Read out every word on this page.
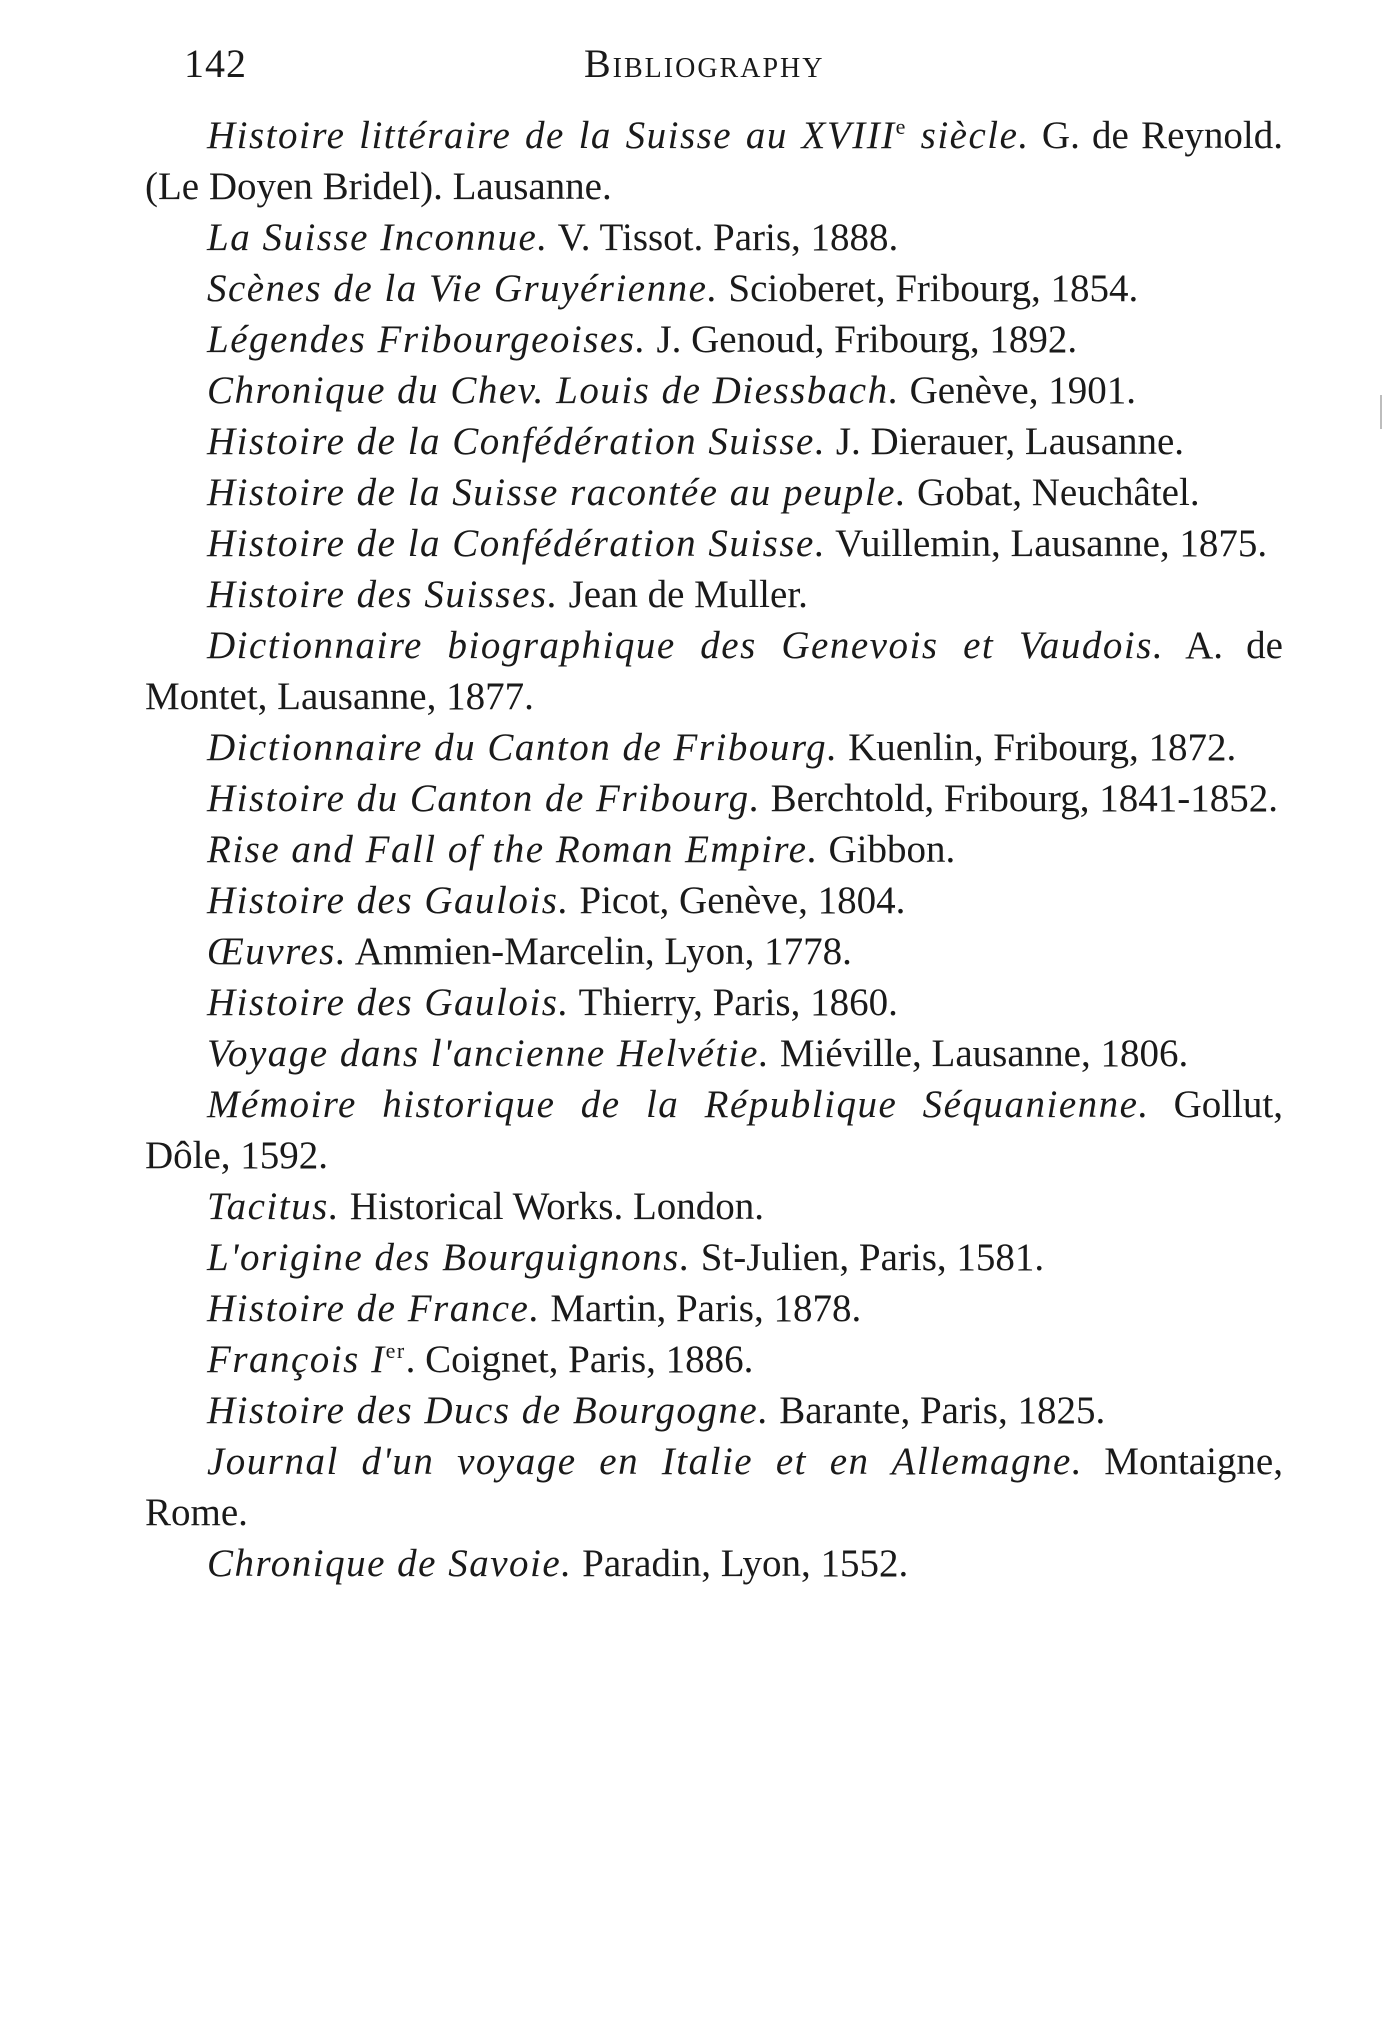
142	Bibliography

Histoire littéraire de la Suisse au XVIIIe siècle. G. de Reynold. (Le Doyen Bridel). Lausanne.

La Suisse Inconnue. V. Tissot. Paris, 1888.

Scènes de la Vie Gruyérienne. Scioberet, Fribourg, 1854.

Légendes Fribourgeoises. J. Genoud, Fribourg, 1892.

Chronique du Chev. Louis de Diessbach. Genève, 1901.

Histoire de la Confédération Suisse. J. Dierauer, Lausanne.

Histoire de la Suisse racontée au peuple. Gobat, Neuchâtel.

Histoire de la Confédération Suisse. Vuillemin, Lausanne, 1875.

Histoire des Suisses. Jean de Muller.

Dictionnaire biographique des Genevois et Vaudois. A. de Montet, Lausanne, 1877.

Dictionnaire du Canton de Fribourg. Kuenlin, Fribourg, 1872.

Histoire du Canton de Fribourg. Berchtold, Fribourg, 1841-1852.

Rise and Fall of the Roman Empire. Gibbon.

Histoire des Gaulois. Picot, Genève, 1804.

Œuvres. Ammien-Marcelin, Lyon, 1778.

Histoire des Gaulois. Thierry, Paris, 1860.

Voyage dans l'ancienne Helvétie. Miéville, Lausanne, 1806.

Mémoire historique de la République Séquanienne. Gollut, Dôle, 1592.

Tacitus. Historical Works. London.

L'origine des Bourguignons. St-Julien, Paris, 1581.

Histoire de France. Martin, Paris, 1878.

François Ier. Coignet, Paris, 1886.

Histoire des Ducs de Bourgogne. Barante, Paris, 1825.

Journal d'un voyage en Italie et en Allemagne. Montaigne, Rome.

Chronique de Savoie. Paradin, Lyon, 1552.
